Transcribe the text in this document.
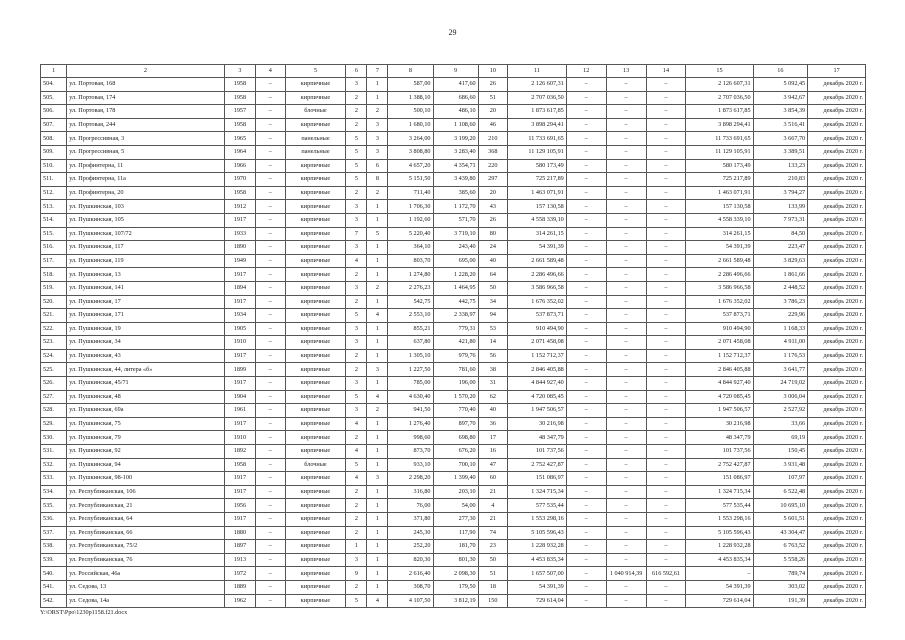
29
1	2	3	4	5	6	7	8	9	10	11	12	13	14	15	16	17
504.	ул. Портовая, 168	1958	–	кирпичные	3	1	587,00	417,60	26	2 126 607,31	–	–	–	2 126 607,31	5 092,45	декабрь 2020 г.
505.	ул. Портовая, 174	1958	–	кирпичные	2	1	1 388,10	686,60	51	2 707 036,50	–	–	–	2 707 036,50	3 942,67	декабрь 2020 г.
506.	ул. Портовая, 178	1957	–	блочные	2	2	500,10	486,10	20	1 873 617,85	–	–	–	1 873 617,85	3 854,39	декабрь 2020 г.
507.	ул. Портовая, 244	1958	–	кирпичные	2	3	1 680,10	1 108,60	46	3 898 294,41	–	–	–	3 898 294,41	3 516,41	декабрь 2020 г.
508.	ул. Прогрессивная, 3	1965	–	панельные	5	3	3 264,00	3 199,20	210	11 733 691,65	–	–	–	11 733 691,65	3 667,70	декабрь 2020 г.
509.	ул. Прогрессивная, 5	1964	–	панельные	5	3	3 808,80	3 283,40	368	11 129 105,91	–	–	–	11 129 105,91	3 389,51	декабрь 2020 г.
510.	ул. Профинтерна, 11	1966	–	кирпичные	5	6	4 657,20	4 354,71	220	580 173,49	–	–	–	580 173,49	133,23	декабрь 2020 г.
511.	ул. Профинтерна, 11а	1970	–	кирпичные	5	8	5 151,50	3 439,80	297	725 217,89	–	–	–	725 217,89	210,83	декабрь 2020 г.
512.	ул. Профинтерна, 20	1958	–	кирпичные	2	2	711,40	385,60	20	1 463 071,91	–	–	–	1 463 071,91	3 794,27	декабрь 2020 г.
513.	ул. Пушкинская, 103	1912	–	кирпичные	3	1	1 706,30	1 172,70	43	157 130,58	–	–	–	157 130,58	133,99	декабрь 2020 г.
514.	ул. Пушкинская, 105	1917	–	кирпичные	3	1	1 192,60	571,70	26	4 558 339,10	–	–	–	4 558 339,10	7 973,31	декабрь 2020 г.
515.	ул. Пушкинская, 107/72	1933	–	кирпичные	7	5	5 220,40	3 719,10	80	314 261,15	–	–	–	314 261,15	84,50	декабрь 2020 г.
516.	ул. Пушкинская, 117	1890	–	кирпичные	3	1	364,10	243,40	24	54 391,39	–	–	–	54 391,39	223,47	декабрь 2020 г.
517.	ул. Пушкинская, 119	1949	–	кирпичные	4	1	803,70	695,00	40	2 661 589,48	–	–	–	2 661 589,48	3 829,63	декабрь 2020 г.
518.	ул. Пушкинская, 13	1917	–	кирпичные	2	1	1 274,80	1 228,20	64	2 286 496,66	–	–	–	2 286 496,66	1 861,66	декабрь 2020 г.
519.	ул. Пушкинская, 141	1894	–	кирпичные	3	2	2 276,23	1 464,95	50	3 586 966,58	–	–	–	3 586 966,58	2 448,52	декабрь 2020 г.
520.	ул. Пушкинская, 17	1917	–	кирпичные	2	1	542,75	442,75	34	1 676 352,02	–	–	–	1 676 352,02	3 786,23	декабрь 2020 г.
521.	ул. Пушкинская, 171	1934	–	кирпичные	5	4	2 553,10	2 338,97	94	537 873,71	–	–	–	537 873,71	229,96	декабрь 2020 г.
522.	ул. Пушкинская, 19	1905	–	кирпичные	3	1	855,21	779,31	53	910 494,90	–	–	–	910 494,90	1 168,33	декабрь 2020 г.
523.	ул. Пушкинская, 34	1910	–	кирпичные	3	1	637,80	421,80	14	2 071 458,08	–	–	–	2 071 458,08	4 911,00	декабрь 2020 г.
524.	ул. Пушкинская, 43	1917	–	кирпичные	2	1	1 305,10	979,76	56	1 152 712,37	–	–	–	1 152 712,37	1 176,53	декабрь 2020 г.
525.	ул. Пушкинская, 44, литера «б»	1899	–	кирпичные	2	3	1 227,50	781,60	38	2 846 405,88	–	–	–	2 846 405,88	3 641,77	декабрь 2020 г.
526.	ул. Пушкинская, 45/71	1917	–	кирпичные	3	1	785,00	196,00	31	4 844 927,40	–	–	–	4 844 927,40	24 719,02	декабрь 2020 г.
527.	ул. Пушкинская, 48	1904	–	кирпичные	5	4	4 630,40	1 570,20	62	4 720 085,45	–	–	–	4 720 085,45	3 006,04	декабрь 2020 г.
528.	ул. Пушкинская, 69а	1961	–	кирпичные	3	2	941,50	770,40	40	1 947 506,57	–	–	–	1 947 506,57	2 527,92	декабрь 2020 г.
529.	ул. Пушкинская, 75	1917	–	кирпичные	4	1	1 276,40	897,70	36	30 216,98	–	–	–	30 216,98	33,66	декабрь 2020 г.
530.	ул. Пушкинская, 79	1910	–	кирпичные	2	1	998,60	698,80	17	48 347,79	–	–	–	48 347,79	69,19	декабрь 2020 г.
531.	ул. Пушкинская, 92	1892	–	кирпичные	4	1	873,70	676,20	16	101 737,56	–	–	–	101 737,56	150,45	декабрь 2020 г.
532.	ул. Пушкинская, 94	1958	–	блочные	5	1	933,10	700,10	47	2 752 427,87	–	–	–	2 752 427,87	3 931,48	декабрь 2020 г.
533.	ул. Пушкинская, 98-100	1917	–	кирпичные	4	3	2 298,20	1 399,40	60	151 086,97	–	–	–	151 086,97	107,97	декабрь 2020 г.
534.	ул. Республиканская, 106	1917	–	кирпичные	2	1	316,80	203,10	21	1 324 715,34	–	–	–	1 324 715,34	6 522,48	декабрь 2020 г.
535.	ул. Республиканская, 21	1956	–	кирпичные	2	1	76,00	54,00	4	577 535,44	–	–	–	577 535,44	10 695,10	декабрь 2020 г.
536.	ул. Республиканская, 64	1917	–	кирпичные	2	1	371,80	277,30	21	1 553 298,16	–	–	–	1 553 298,16	5 601,51	декабрь 2020 г.
537.	ул. Республиканская, 66	1880	–	кирпичные	2	1	245,30	117,90	74	5 105 596,43	–	–	–	5 105 596,43	43 304,47	декабрь 2020 г.
538.	ул. Республиканская, 75/2	1897	–	кирпичные	1	1	252,20	181,70	23	1 228 932,28	–	–	–	1 228 932,28	6 763,52	декабрь 2020 г.
539.	ул. Республиканская, 76	1913	–	кирпичные	3	1	820,30	801,30	50	4 453 835,34	–	–	–	4 453 835,34	5 558,26	декабрь 2020 г.
540.	ул. Российская, 46а	1972	–	кирпичные	9	1	2 616,40	2 098,30	51	1 657 507,00	–	1 040 914,39	616 592,61	–	789,74	декабрь 2020 г.
541.	ул. Седова, 13	1889	–	кирпичные	2	1	308,70	179,50	18	54 391,39	–	–	–	54 391,39	303,02	декабрь 2020 г.
542.	ул. Седова, 14а	1962	–	кирпичные	5	4	4 107,50	3 812,19	150	729 614,04	–	–	–	729 614,04	191,39	декабрь 2020 г.
Y:\ORST\Ppo\1230p1158.f21.docx
